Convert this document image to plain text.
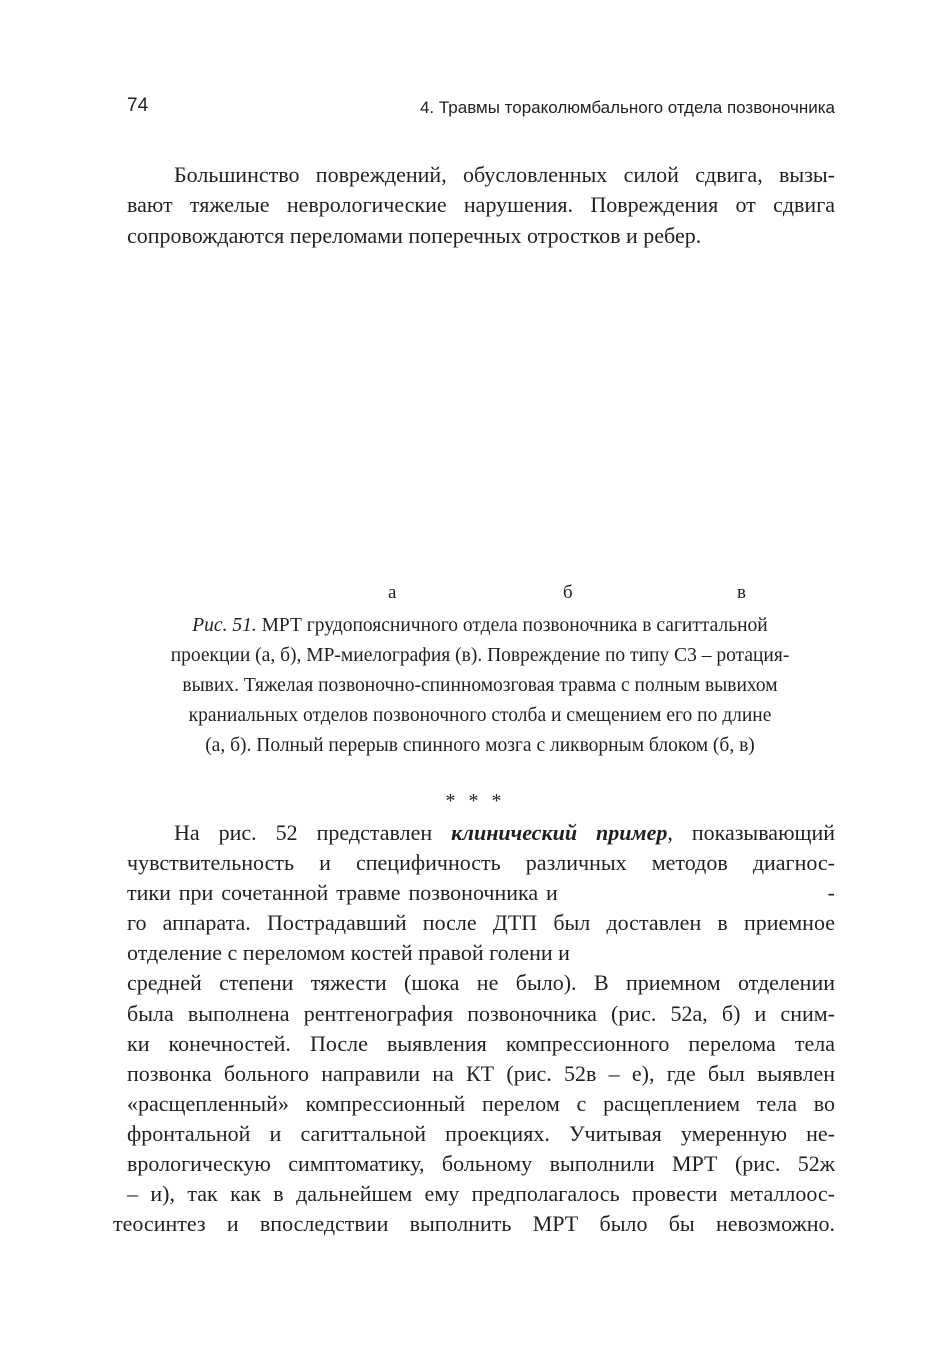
74	4. Травмы тораколюмбального отдела позвоночника
Большинство повреждений, обусловленных силой сдвига, вызы-
вают тяжелые неврологические нарушения. Повреждения от сдвига
сопровождаются переломами поперечных отростков и ребер.
а	б	в
Рис. 51. МРТ грудопоясничного отдела позвоночника в сагиттальной
проекции (а, б), МР-миелография (в). Повреждение по типу С3 – ротация-
вывих. Тяжелая позвоночно-спинномозговая травма с полным вывихом
краниальных отделов позвоночного столба и смещением его по длине
(а, б). Полный перерыв спинного мозга с ликворным блоком (б, в)
* * *
На рис. 52 представлен клинический пример, показывающий
чувствительность и специфичность различных методов диагнос-
тики при сочетанной травме позвоночника и                                  -
го аппарата. Пострадавший после ДТП был доставлен в приемное
отделение с переломом костей правой голени и
средней степени тяжести (шока не было). В приемном отделении
была выполнена рентгенография позвоночника (рис. 52а, б) и сним-
ки конечностей. После выявления компрессионного перелома тела
позвонка больного направили на КТ (рис. 52в – е), где был выявлен
«расщепленный» компрессионный перелом с расщеплением тела во
фронтальной и сагиттальной проекциях. Учитывая умеренную не-
врологическую симптоматику, больному выполнили МРТ (рис. 52ж
– и), так как в дальнейшем ему предполагалось провести металлоос-
теосинтез и впоследствии выполнить МРТ было бы невозможно.
